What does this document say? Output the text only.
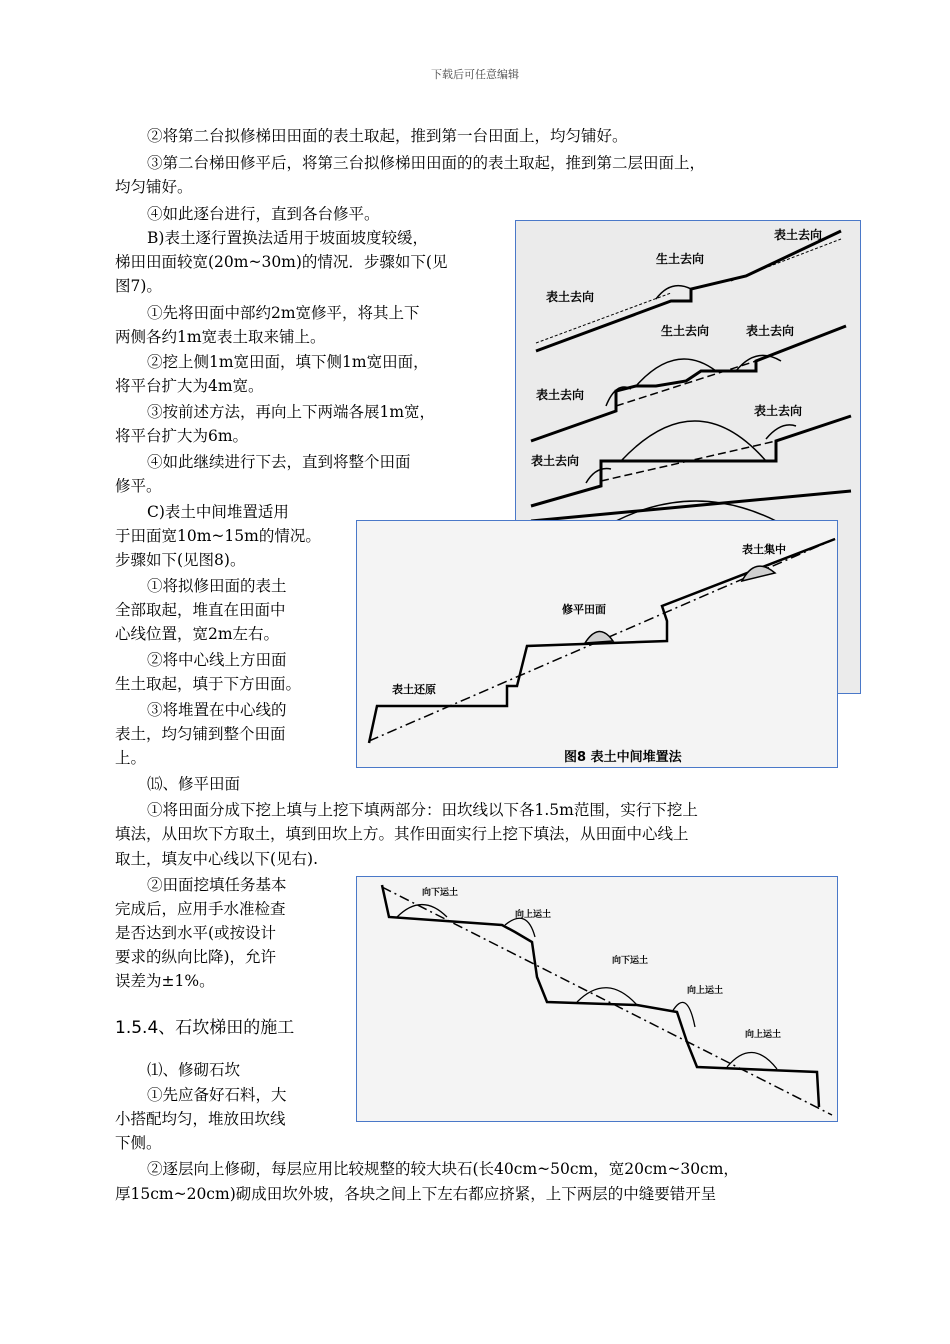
下载后可任意编辑
②将第二台拟修梯田田面的表土取起，推到第一台田面上，均匀铺好。
③第二台梯田修平后，将第三台拟修梯田田面的的表土取起，推到第二层田面上，
均匀铺好。
④如此逐台进行，直到各台修平。
B)表土逐行置换法适用于坡面坡度较缓，
梯田田面较宽(20m~30m)的情况．步骤如下(见
图7)。
①先将田面中部约2m宽修平，将其上下
两侧各约1m宽表土取来铺上。
②挖上侧1m宽田面，填下侧1m宽田面，
将平台扩大为4m宽。
③按前述方法，再向上下两端各展1m宽，
将平台扩大为6m。
④如此继续进行下去，直到将整个田面
修平。
C)表土中间堆置适用
于田面宽10m~15m的情况。
步骤如下(见图8)。
①将拟修田面的表土
全部取起，堆直在田面中
心线位置，宽2m左右。
②将中心线上方田面
生土取起，填于下方田面。
③将堆置在中心线的
表土，均匀铺到整个田面
上。
⒂、修平田面
①将田面分成下挖上填与上挖下填两部分：田坎线以下各1.5m范围，实行下挖上
填法，从田坎下方取土，填到田坎上方。其作田面实行上挖下填法，从田面中心线上
取土，填友中心线以下(见右).
②田面挖填任务基本
完成后，应用手水准检查
是否达到水平(或按设计
要求的纵向比降)，允许
误差为±1%。
1.5.4、石坎梯田的施工
⑴、修砌石坎
①先应备好石料，大
小搭配均匀，堆放田坎线
下侧。
②逐层向上修砌，每层应用比较规整的较大块石(长40cm~50cm，宽20cm~30cm，
厚15cm~20cm)砌成田坎外坡，各块之间上下左右都应挤紧，上下两层的中缝要错开呈
表土去向
生土去向
表土去向
生土去向	表土去向
表土去向
表土去向
表土去向
表土集中
修平田面
表土还原
图8 表土中间堆置法
向下运土
向上运土
向下运土
向上运土
向上运土
